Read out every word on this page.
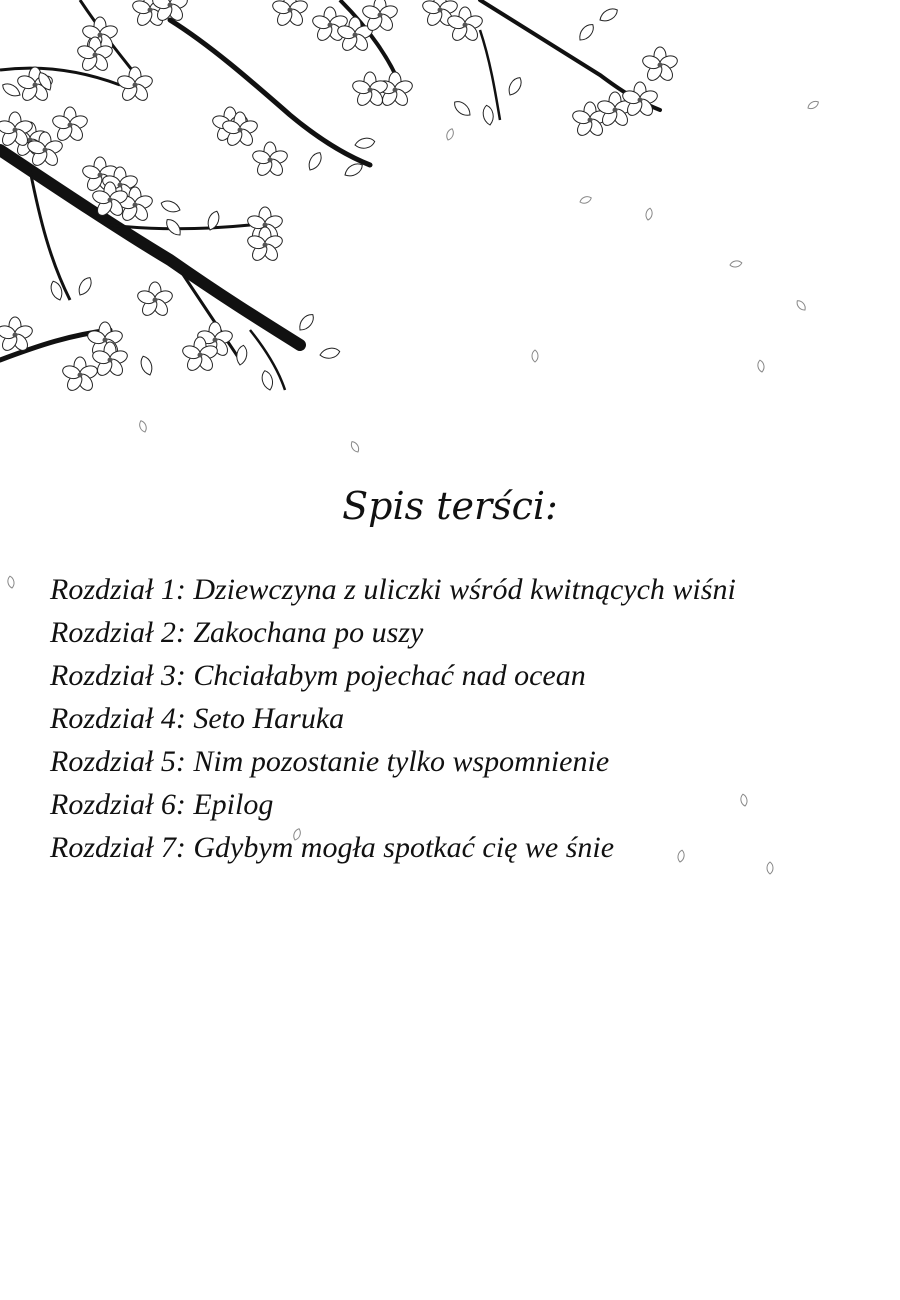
Spis terści:
Rozdział 1: Dziewczyna z uliczki wśród kwitnących wiśni
Rozdział 2: Zakochana po uszy
Rozdział 3: Chciałabym pojechać nad ocean
Rozdział 4: Seto Haruka
Rozdział 5: Nim pozostanie tylko wspomnienie
Rozdział 6: Epilog
Rozdział 7: Gdybym mogła spotkać cię we śnie
